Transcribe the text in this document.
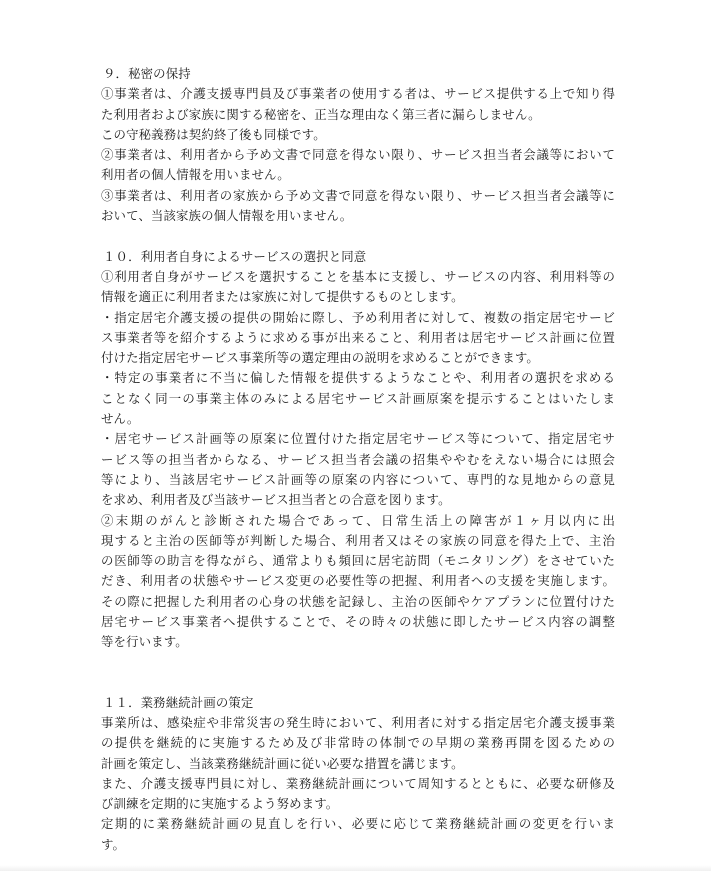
９．秘密の保持

①事業者は、介護支援専門員及び事業者の使用する者は、サービス提供する上で知り得

た利用者および家族に関する秘密を、正当な理由なく第三者に漏らしません。

この守秘義務は契約終了後も同様です。

②事業者は、利用者から予め文書で同意を得ない限り、サービス担当者会議等において

利用者の個人情報を用いません。

③事業者は、利用者の家族から予め文書で同意を得ない限り、サービス担当者会議等に

おいて、当該家族の個人情報を用いません。

１０．利用者自身によるサービスの選択と同意

①利用者自身がサービスを選択することを基本に支援し、サービスの内容、利用料等の

情報を適正に利用者または家族に対して提供するものとします。

・指定居宅介護支援の提供の開始に際し、予め利用者に対して、複数の指定居宅サービ

ス事業者等を紹介するように求める事が出来ること、利用者は居宅サービス計画に位置

付けた指定居宅サービス事業所等の選定理由の説明を求めることができます。

・特定の事業者に不当に偏した情報を提供するようなことや、利用者の選択を求める

ことなく同一の事業主体のみによる居宅サービス計画原案を提示することはいたしま

せん。

・居宅サービス計画等の原案に位置付けた指定居宅サービス等について、指定居宅サ

ービス等の担当者からなる、サービス担当者会議の招集ややむをえない場合には照会

等により、当該居宅サービス計画等の原案の内容について、専門的な見地からの意見

を求め、利用者及び当該サービス担当者との合意を図ります。

②末期のがんと診断された場合であって、日常生活上の障害が１ヶ月以内に出

現すると主治の医師等が判断した場合、利用者又はその家族の同意を得た上で、主治

の医師等の助言を得ながら、通常よりも頻回に居宅訪問（モニタリング）をさせていた

だき、利用者の状態やサービス変更の必要性等の把握、利用者への支援を実施します。

その際に把握した利用者の心身の状態を記録し、主治の医師やケアプランに位置付けた

居宅サービス事業者へ提供することで、その時々の状態に即したサービス内容の調整

等を行います。

１１．業務継続計画の策定

事業所は、感染症や非常災害の発生時において、利用者に対する指定居宅介護支援事業

の提供を継続的に実施するため及び非常時の体制での早期の業務再開を図るための

計画を策定し、当該業務継続計画に従い必要な措置を講じます。

また、介護支援専門員に対し、業務継続計画について周知するとともに、必要な研修及

び訓練を定期的に実施するよう努めます。

定期的に業務継続計画の見直しを行い、必要に応じて業務継続計画の変更を行いま

す。
